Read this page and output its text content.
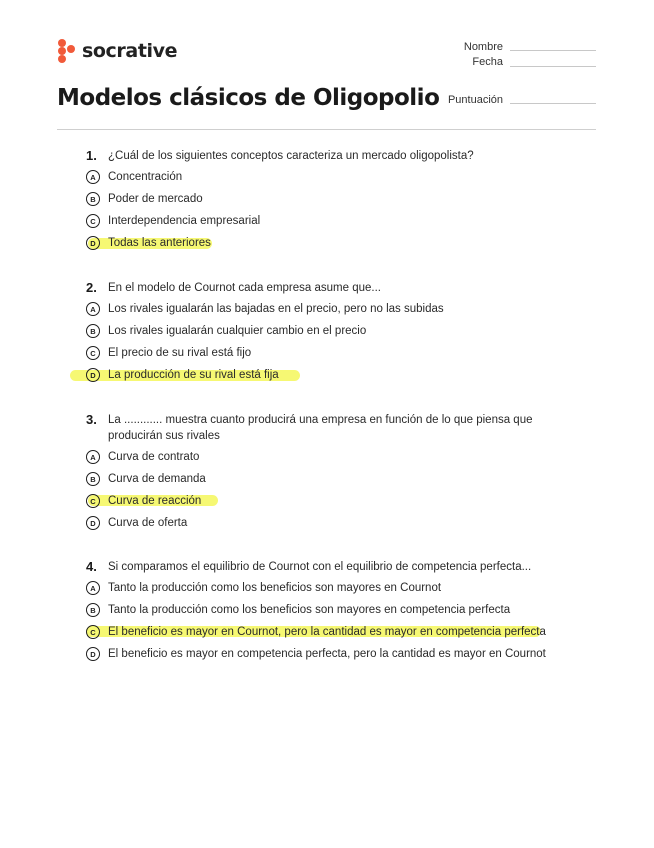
socrative	Nombre
Fecha
Modelos clásicos de Oligopolio Puntuación
1. ¿Cuál de los siguientes conceptos caracteriza un mercado oligopolista?
A	Concentración
B	Poder de mercado
C	Interdependencia empresarial
D	Todas las anteriores
2. En el modelo de Cournot cada empresa asume que...
A	Los rivales igualarán las bajadas en el precio, pero no las subidas
B	Los rivales igualarán cualquier cambio en el precio
C	El precio de su rival está fijo
D	La producción de su rival está fija
3. La ............ muestra cuanto producirá una empresa en función de lo que piensa que producirán sus rivales
A	Curva de contrato
B	Curva de demanda
C	Curva de reacción
D	Curva de oferta
4. Si comparamos el equilibrio de Cournot con el equilibrio de competencia perfecta...
A	Tanto la producción como los beneficios son mayores en Cournot
B	Tanto la producción como los beneficios son mayores en competencia perfecta
C	El beneficio es mayor en Cournot, pero la cantidad es mayor en competencia perfecta
D	El beneficio es mayor en competencia perfecta, pero la cantidad es mayor en Cournot
